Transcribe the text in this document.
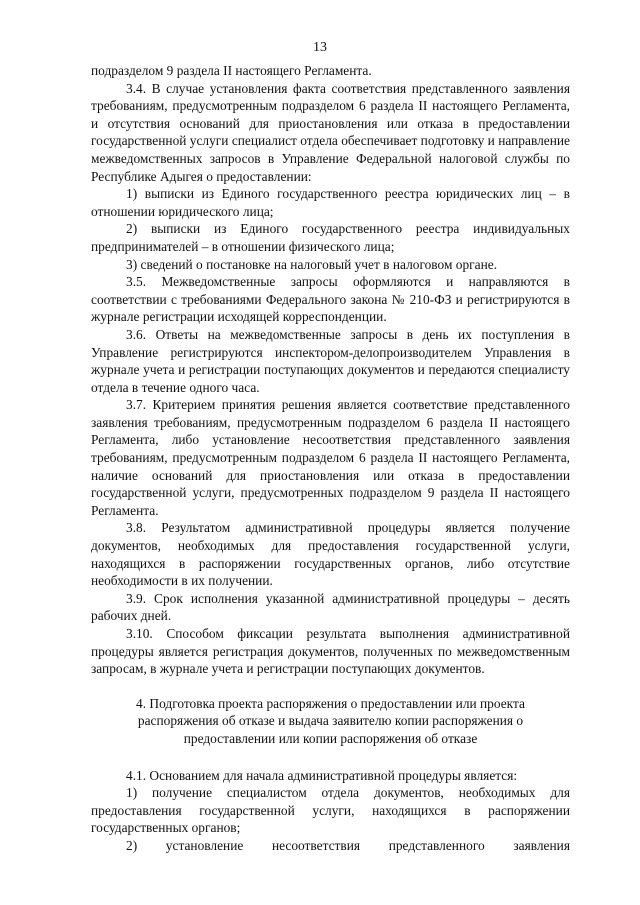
13

подразделом 9 раздела II настоящего Регламента.

3.4. В случае установления факта соответствия представленного заявления требованиям, предусмотренным подразделом 6 раздела II настоящего Регламента, и отсутствия оснований для приостановления или отказа в предоставлении государственной услуги специалист отдела обеспечивает подготовку и направление межведомственных запросов в Управление Федеральной налоговой службы по Республике Адыгея о предоставлении:

1) выписки из Единого государственного реестра юридических лиц – в отношении юридического лица;

2) выписки из Единого государственного реестра индивидуальных предпринимателей – в отношении физического лица;

3) сведений о постановке на налоговый учет в налоговом органе.

3.5. Межведомственные запросы оформляются и направляются в соответствии с требованиями Федерального закона № 210-ФЗ и регистрируются в журнале регистрации исходящей корреспонденции.

3.6. Ответы на межведомственные запросы в день их поступления в Управление регистрируются инспектором-делопроизводителем Управления в журнале учета и регистрации поступающих документов и передаются специалисту отдела в течение одного часа.

3.7. Критерием принятия решения является соответствие представленного заявления требованиям, предусмотренным подразделом 6 раздела II настоящего Регламента, либо установление несоответствия представленного заявления требованиям, предусмотренным подразделом 6 раздела II настоящего Регламента, наличие оснований для приостановления или отказа в предоставлении государственной услуги, предусмотренных подразделом 9 раздела II настоящего Регламента.

3.8. Результатом административной процедуры является получение документов, необходимых для предоставления государственной услуги, находящихся в распоряжении государственных органов, либо отсутствие необходимости в их получении.

3.9. Срок исполнения указанной административной процедуры – десять рабочих дней.

3.10. Способом фиксации результата выполнения административной процедуры является регистрация документов, полученных по межведомственным запросам, в журнале учета и регистрации поступающих документов.

4. Подготовка проекта распоряжения о предоставлении или проекта распоряжения об отказе и выдача заявителю копии распоряжения о предоставлении или копии распоряжения об отказе

4.1. Основанием для начала административной процедуры является:

1) получение специалистом отдела документов, необходимых для предоставления государственной услуги, находящихся в распоряжении государственных органов;

2) установление несоответствия представленного заявления
